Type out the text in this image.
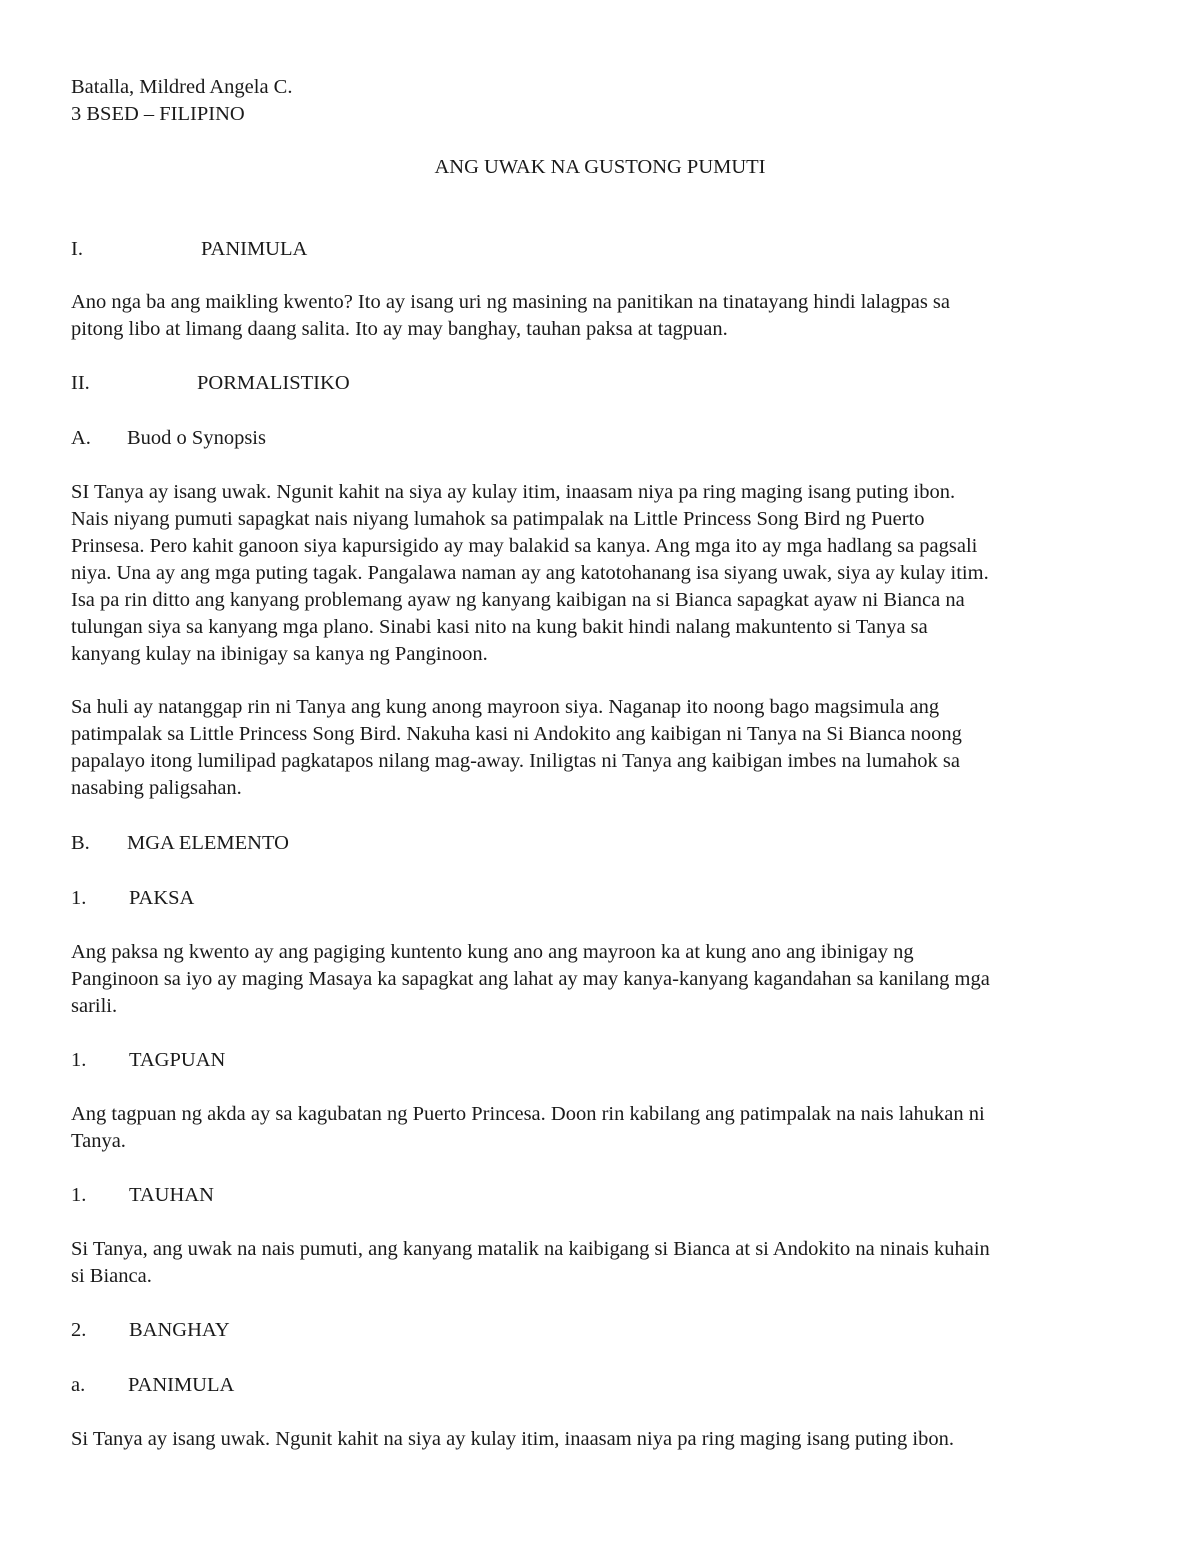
Batalla, Mildred Angela C.
3 BSED – FILIPINO
ANG UWAK NA GUSTONG PUMUTI
I.	PANIMULA
Ano nga ba ang maikling kwento? Ito ay isang uri ng masining na panitikan na tinatayang hindi lalagpas sa
pitong libo at limang daang salita. Ito ay may banghay, tauhan paksa at tagpuan.
II.	PORMALISTIKO
A. Buod o Synopsis
SI Tanya ay isang uwak. Ngunit kahit na siya ay kulay itim, inaasam niya pa ring maging isang puting ibon.
Nais niyang pumuti sapagkat nais niyang lumahok sa patimpalak na Little Princess Song Bird ng Puerto
Prinsesa. Pero kahit ganoon siya kapursigido ay may balakid sa kanya. Ang mga ito ay mga hadlang sa pagsali
niya. Una ay ang mga puting tagak. Pangalawa naman ay ang katotohanang isa siyang uwak, siya ay kulay itim.
Isa pa rin ditto ang kanyang problemang ayaw ng kanyang kaibigan na si Bianca sapagkat ayaw ni Bianca na
tulungan siya sa kanyang mga plano. Sinabi kasi nito na kung bakit hindi nalang makuntento si Tanya sa
kanyang kulay na ibinigay sa kanya ng Panginoon.
Sa huli ay natanggap rin ni Tanya ang kung anong mayroon siya. Naganap ito noong bago magsimula ang
patimpalak sa Little Princess Song Bird. Nakuha kasi ni Andokito ang kaibigan ni Tanya na Si Bianca noong
papalayo itong lumilipad pagkatapos nilang mag-away. Iniligtas ni Tanya ang kaibigan imbes na lumahok sa
nasabing paligsahan.
B. MGA ELEMENTO
1. PAKSA
Ang paksa ng kwento ay ang pagiging kuntento kung ano ang mayroon ka at kung ano ang ibinigay ng
Panginoon sa iyo ay maging Masaya ka sapagkat ang lahat ay may kanya-kanyang kagandahan sa kanilang mga
sarili.
1. TAGPUAN
Ang tagpuan ng akda ay sa kagubatan ng Puerto Princesa. Doon rin kabilang ang patimpalak na nais lahukan ni
Tanya.
1. TAUHAN
Si Tanya, ang uwak na nais pumuti, ang kanyang matalik na kaibigang si Bianca at si Andokito na ninais kuhain
si Bianca.
2. BANGHAY
a. PANIMULA
Si Tanya ay isang uwak. Ngunit kahit na siya ay kulay itim, inaasam niya pa ring maging isang puting ibon.
